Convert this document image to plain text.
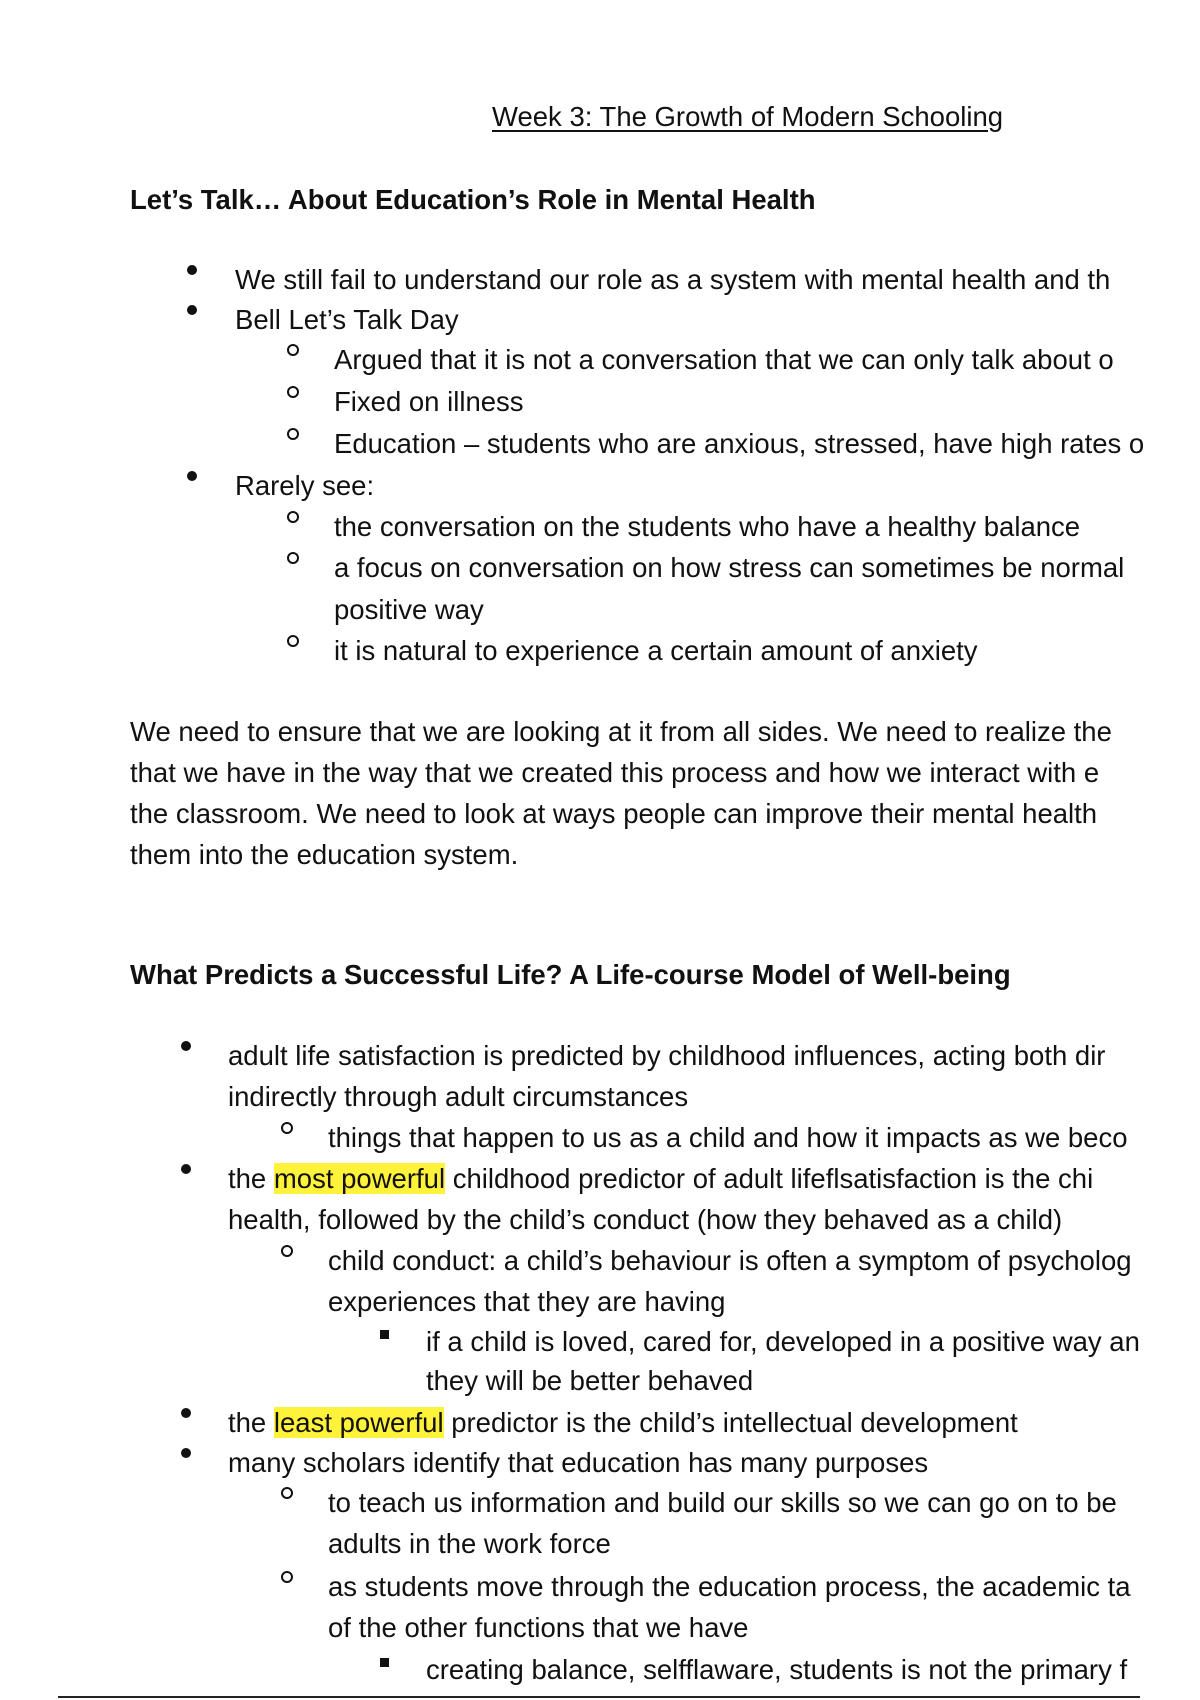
Week 3: The Growth of Modern Schooling
Let’s Talk… About Education’s Role in Mental Health
We still fail to understand our role as a system with mental health and th
Bell Let’s Talk Day
Argued that it is not a conversation that we can only talk about o
Fixed on illness
Education – students who are anxious, stressed, have high rates o
Rarely see:
the conversation on the students who have a healthy balance
a focus on conversation on how stress can sometimes be normal
positive way
it is natural to experience a certain amount of anxiety
We need to ensure that we are looking at it from all sides. We need to realize the
that we have in the way that we created this process and how we interact with e
the classroom. We need to look at ways people can improve their mental health
them into the education system.
What Predicts a Successful Life? A Life-course Model of Well-being
adult life satisfaction is predicted by childhood influences, acting both dir
indirectly through adult circumstances
things that happen to us as a child and how it impacts as we beco
the most powerful childhood predictor of adult lifeflsatisfaction is the chi
health, followed by the child’s conduct (how they behaved as a child)
child conduct: a child’s behaviour is often a symptom of psycholog
experiences that they are having
if a child is loved, cared for, developed in a positive way an
they will be better behaved
the least powerful predictor is the child’s intellectual development
many scholars identify that education has many purposes
to teach us information and build our skills so we can go on to be
adults in the work force
as students move through the education process, the academic ta
of the other functions that we have
creating balance, selfflaware, students is not the primary f
